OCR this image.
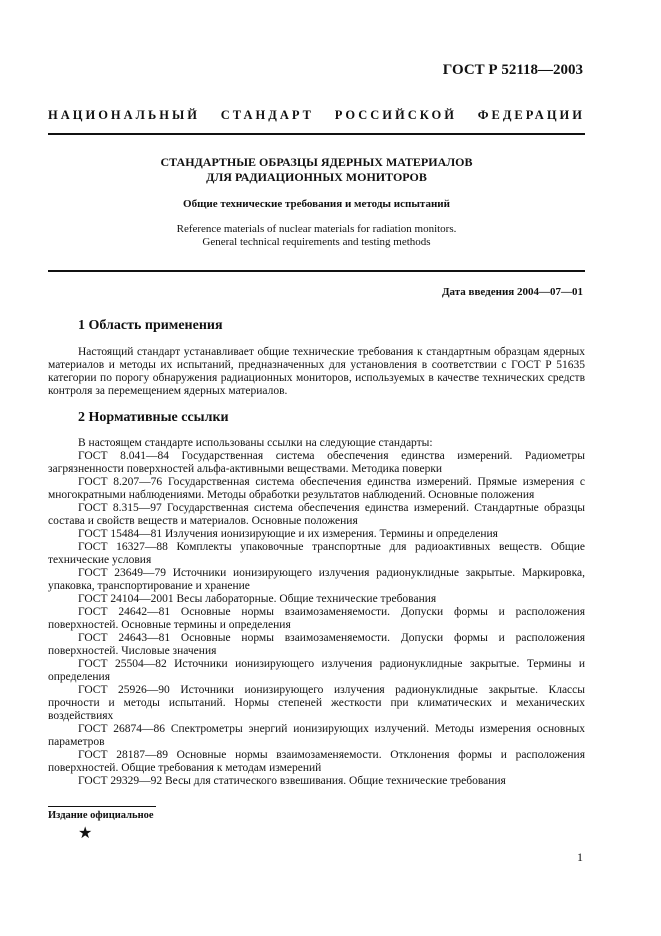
ГОСТ Р 52118—2003
НАЦИОНАЛЬНЫЙ СТАНДАРТ РОССИЙСКОЙ ФЕДЕРАЦИИ
СТАНДАРТНЫЕ ОБРАЗЦЫ ЯДЕРНЫХ МАТЕРИАЛОВ
ДЛЯ РАДИАЦИОННЫХ МОНИТОРОВ
Общие технические требования и методы испытаний
Reference materials of nuclear materials for radiation monitors.
General technical requirements and testing methods
Дата введения 2004—07—01
1 Область применения

Настоящий стандарт устанавливает общие технические требования к стандартным образцам ядерных материалов и методы их испытаний, предназначенных для установления в соответствии с ГОСТ Р 51635 категории по порогу обнаружения радиационных мониторов, используемых в качестве технических средств контроля за перемещением ядерных материалов.

2 Нормативные ссылки

В настоящем стандарте использованы ссылки на следующие стандарты:

ГОСТ 8.041—84 Государственная система обеспечения единства измерений. Радиометры загрязненности поверхностей альфа-активными веществами. Методика поверки

ГОСТ 8.207—76 Государственная система обеспечения единства измерений. Прямые измерения с многократными наблюдениями. Методы обработки результатов наблюдений. Основные положения

ГОСТ 8.315—97 Государственная система обеспечения единства измерений. Стандартные образцы состава и свойств веществ и материалов. Основные положения

ГОСТ 15484—81 Излучения ионизирующие и их измерения. Термины и определения

ГОСТ 16327—88 Комплекты упаковочные транспортные для радиоактивных веществ. Общие технические условия

ГОСТ 23649—79 Источники ионизирующего излучения радионуклидные закрытые. Маркировка, упаковка, транспортирование и хранение

ГОСТ 24104—2001 Весы лабораторные. Общие технические требования

ГОСТ 24642—81 Основные нормы взаимозаменяемости. Допуски формы и расположения поверхностей. Основные термины и определения

ГОСТ 24643—81 Основные нормы взаимозаменяемости. Допуски формы и расположения поверхностей. Числовые значения

ГОСТ 25504—82 Источники ионизирующего излучения радионуклидные закрытые. Термины и определения

ГОСТ 25926—90 Источники ионизирующего излучения радионуклидные закрытые. Классы прочности и методы испытаний. Нормы степеней жесткости при климатических и механических воздействиях

ГОСТ 26874—86 Спектрометры энергий ионизирующих излучений. Методы измерения основных параметров

ГОСТ 28187—89 Основные нормы взаимозаменяемости. Отклонения формы и расположения поверхностей. Общие требования к методам измерений

ГОСТ 29329—92 Весы для статического взвешивания. Общие технические требования

Издание официальное
★
1
